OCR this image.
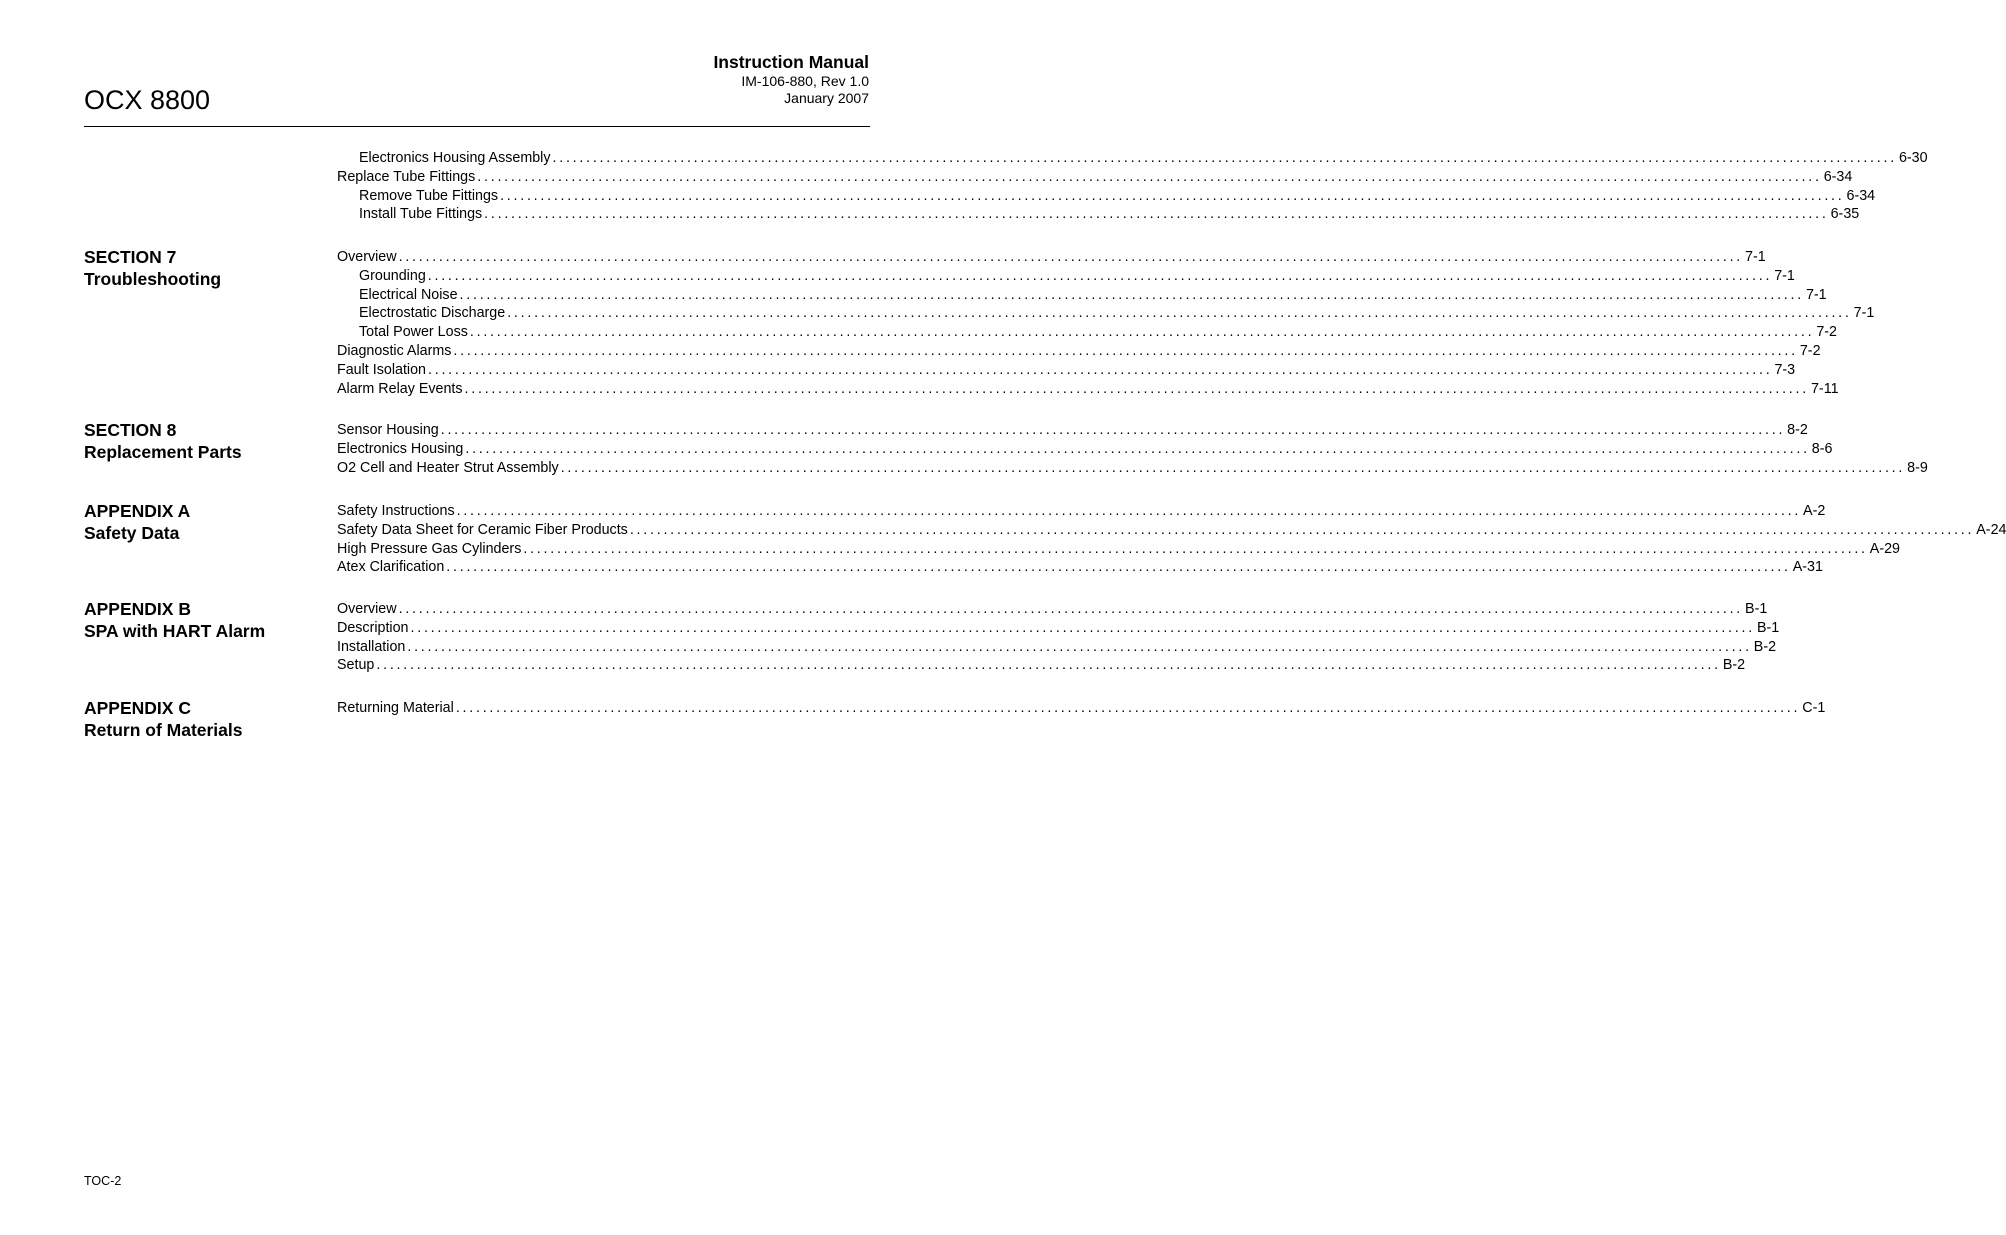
OCX 8800
Instruction Manual
IM-106-880, Rev 1.0
January 2007
Electronics Housing Assembly ........................................................................................................................................................................................................ 6-30
Replace Tube Fittings ........................................................................................................................................................................................................ 6-34
Remove Tube Fittings ........................................................................................................................................................................................................ 6-34
Install Tube Fittings ........................................................................................................................................................................................................ 6-35
SECTION 7
Troubleshooting
Overview ........................................................................................................................................................................................................ 7-1
Grounding ........................................................................................................................................................................................................ 7-1
Electrical Noise ........................................................................................................................................................................................................ 7-1
Electrostatic Discharge ........................................................................................................................................................................................................ 7-1
Total Power Loss ........................................................................................................................................................................................................ 7-2
Diagnostic Alarms ........................................................................................................................................................................................................ 7-2
Fault Isolation ........................................................................................................................................................................................................ 7-3
Alarm Relay Events ........................................................................................................................................................................................................ 7-11
SECTION 8
Replacement Parts
Sensor Housing ........................................................................................................................................................................................................ 8-2
Electronics Housing ........................................................................................................................................................................................................ 8-6
O2 Cell and Heater Strut Assembly ........................................................................................................................................................................................................ 8-9
APPENDIX A
Safety Data
Safety Instructions ........................................................................................................................................................................................................ A-2
Safety Data Sheet for Ceramic Fiber Products ........................................................................................................................................................................................................ A-24
High Pressure Gas Cylinders ........................................................................................................................................................................................................ A-29
Atex Clarification ........................................................................................................................................................................................................ A-31
APPENDIX B
SPA with HART Alarm
Overview ........................................................................................................................................................................................................ B-1
Description ........................................................................................................................................................................................................ B-1
Installation ........................................................................................................................................................................................................ B-2
Setup ........................................................................................................................................................................................................ B-2
APPENDIX C
Return of Materials
Returning Material ........................................................................................................................................................................................................ C-1
TOC-2
